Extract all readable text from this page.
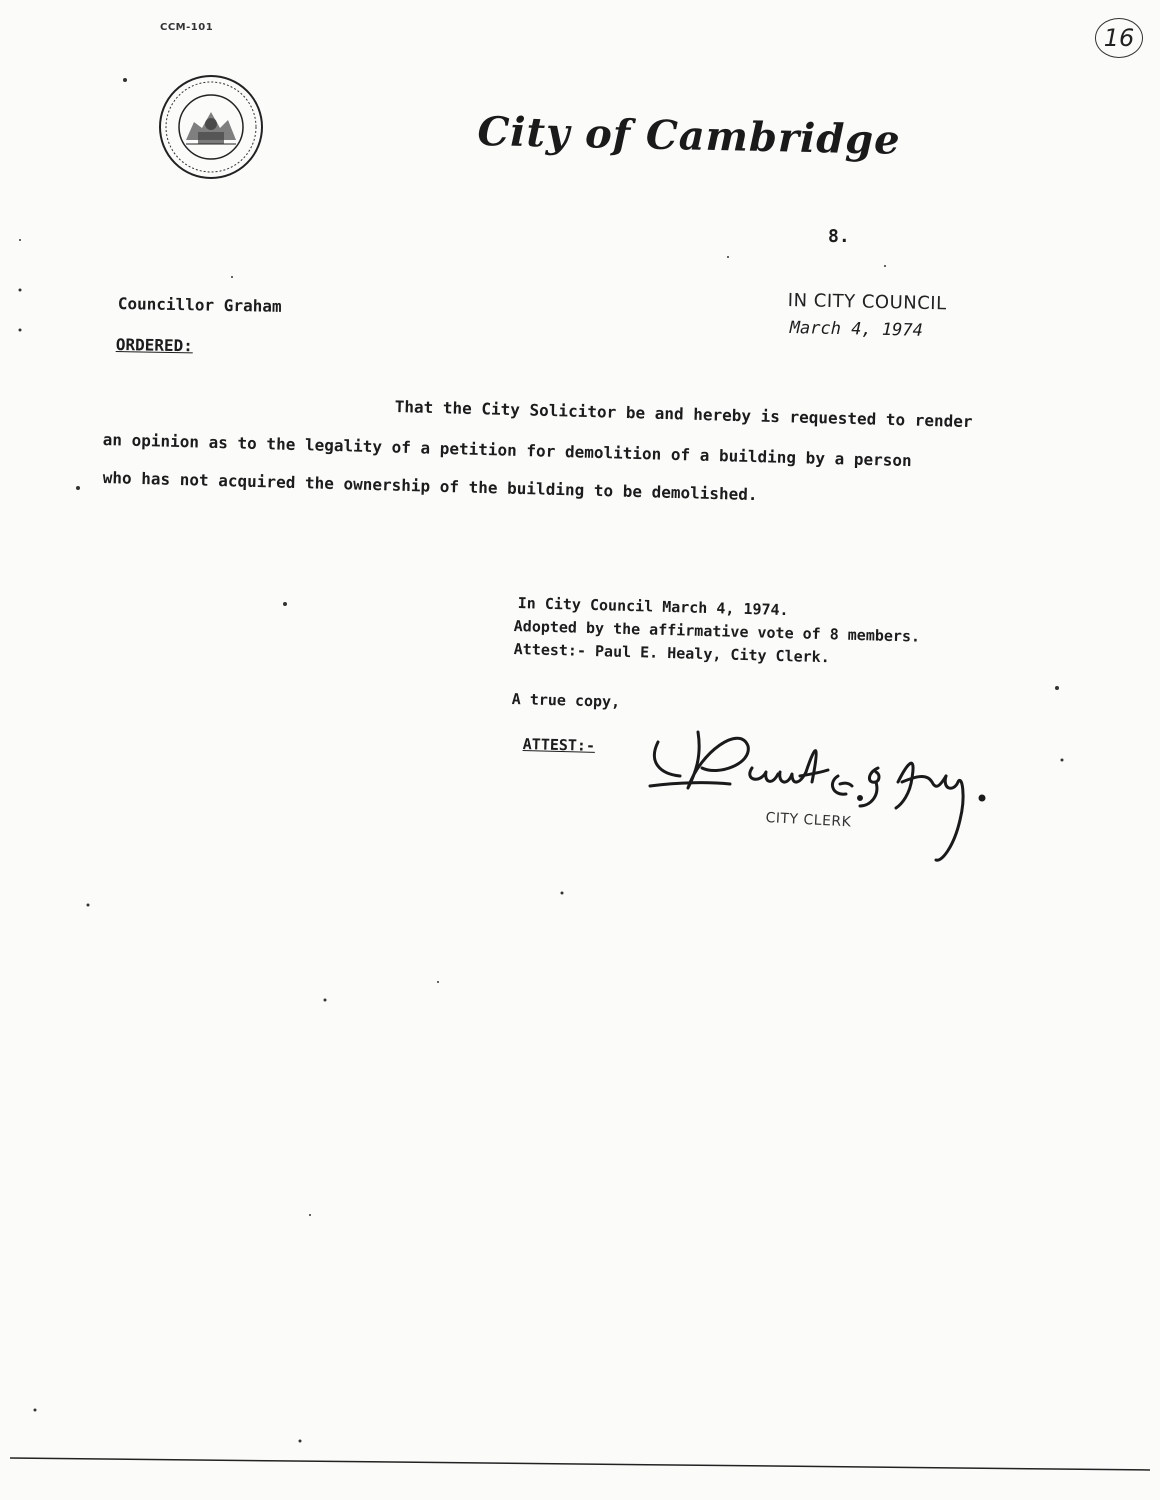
CCM-101	16
City of Cambridge
8.
IN CITY COUNCIL
March 4, 1974
Councillor Graham
ORDERED:
That the City Solicitor be and hereby is requested to render
an opinion as to the legality of a petition for demolition of a building by a person
who has not acquired the ownership of the building to be demolished.
In City Council March 4, 1974.
Adopted by the affirmative vote of 8 members.
Attest:- Paul E. Healy, City Clerk.
A true copy,
ATTEST:-
CITY CLERK
